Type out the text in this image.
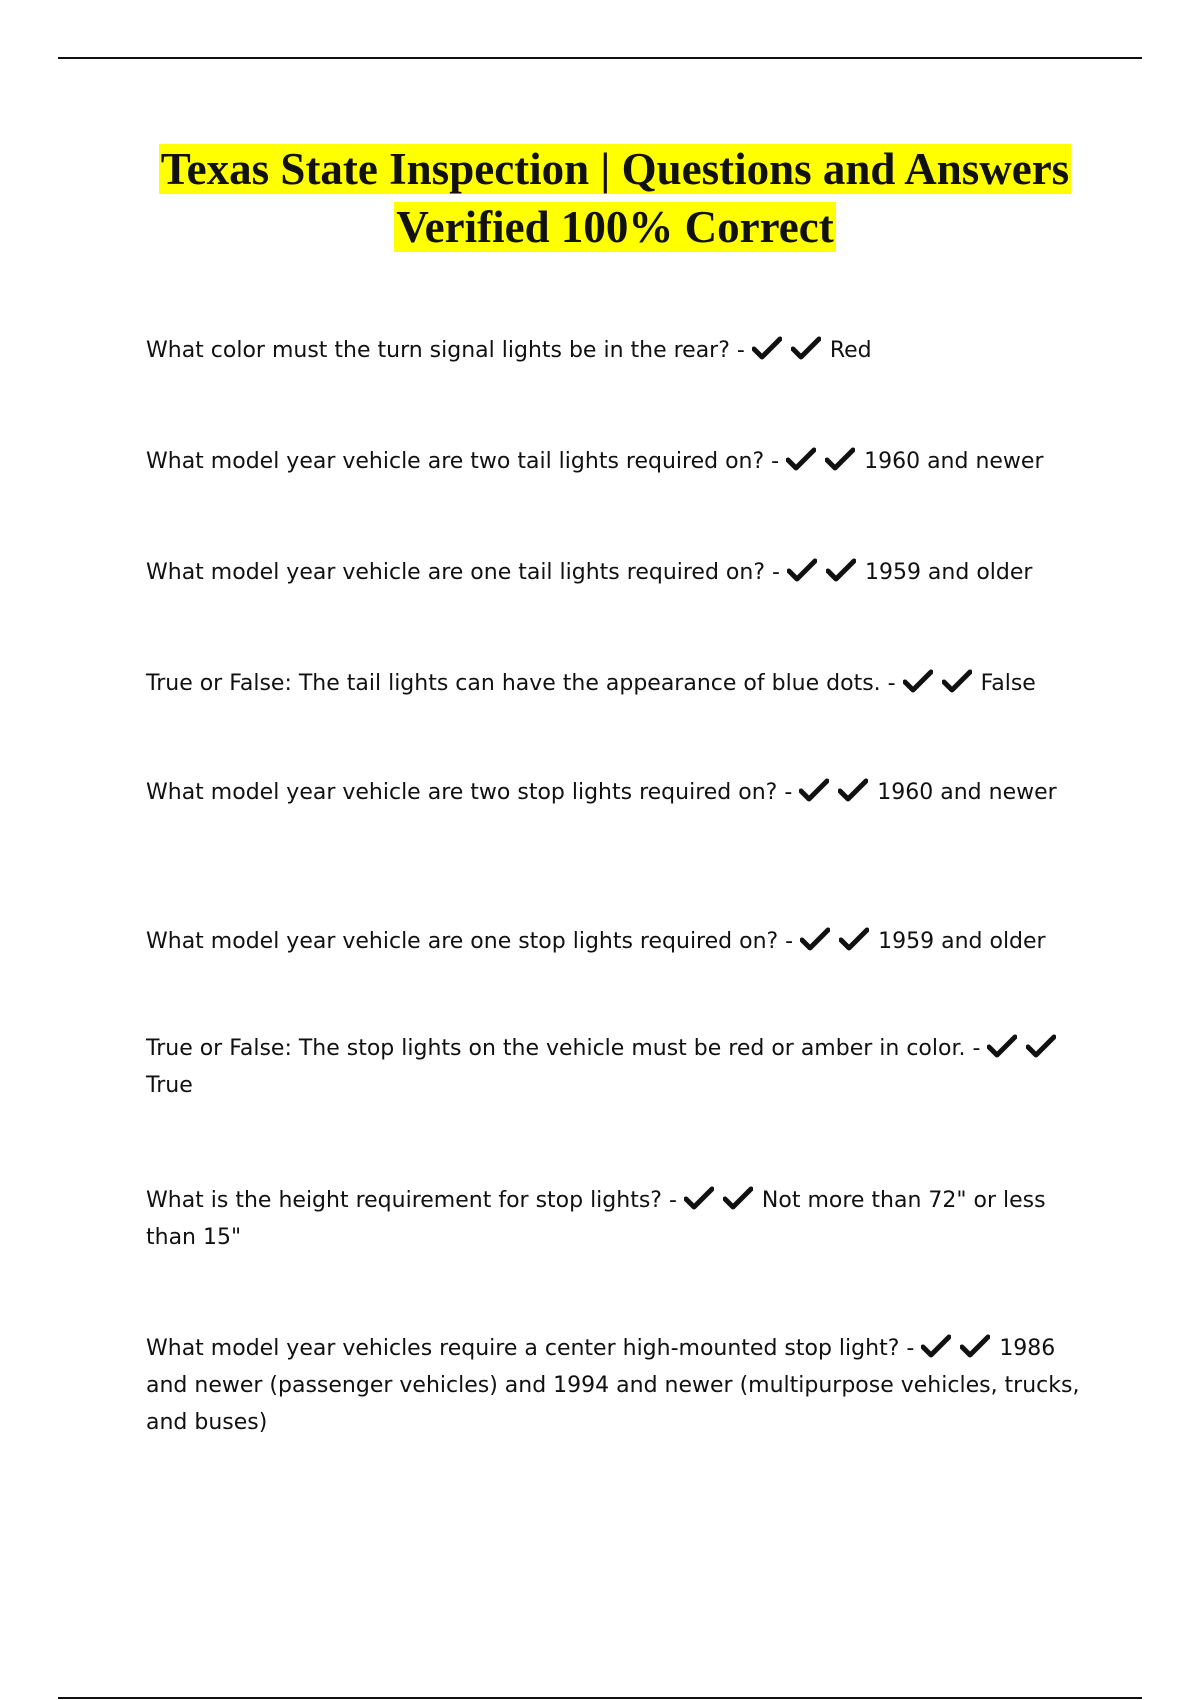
Texas State Inspection | Questions and Answers
Verified 100% Correct

What color must the turn signal lights be in the rear? -	Red

What model year vehicle are two tail lights required on? -	1960 and newer

What model year vehicle are one tail lights required on? -	1959 and older

True or False: The tail lights can have the appearance of blue dots. -	False

What model year vehicle are two stop lights required on? -	1960 and newer

What model year vehicle are one stop lights required on? -	1959 and older

True or False: The stop lights on the vehicle must be red or amber in color. -
True

What is the height requirement for stop lights? -	Not more than 72" or less than 15"

What model year vehicles require a center high-mounted stop light? -	1986 and newer (passenger vehicles) and 1994 and newer (multipurpose vehicles, trucks, and buses)
